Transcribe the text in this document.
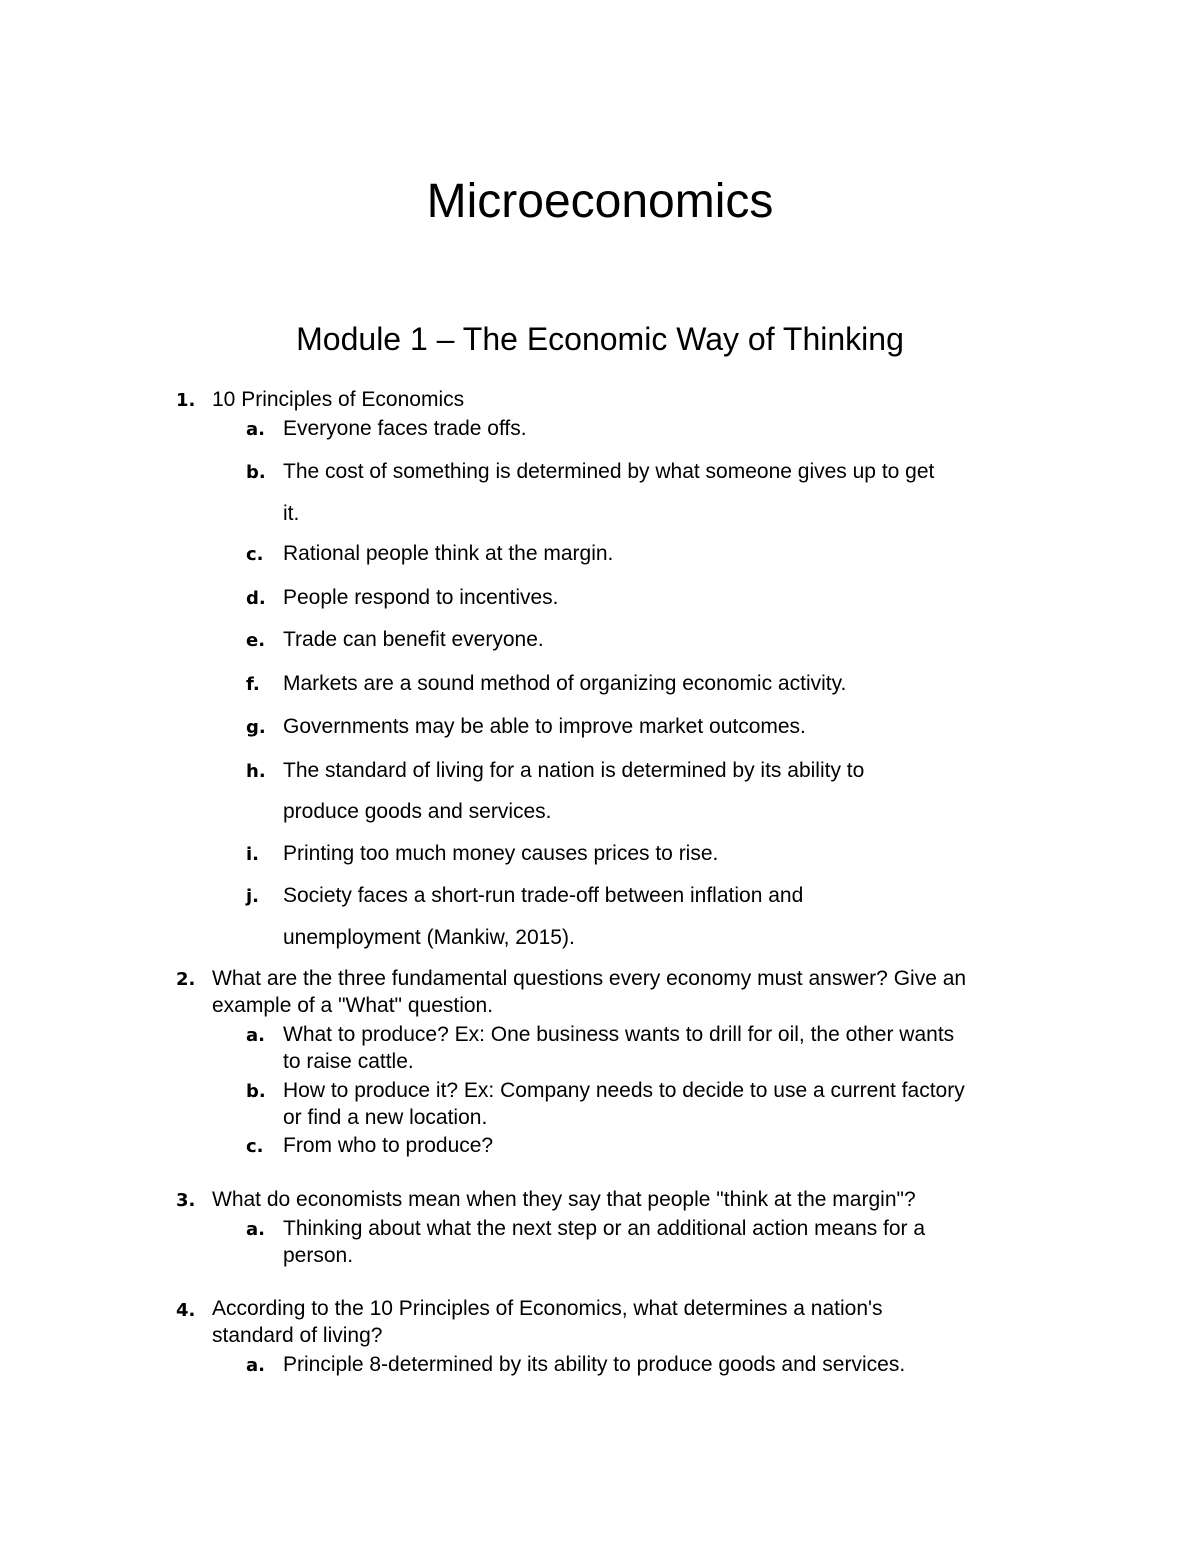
Microeconomics
Module 1 – The Economic Way of Thinking
1. 10 Principles of Economics
a. Everyone faces trade offs.
b. The cost of something is determined by what someone gives up to get
it.
c. Rational people think at the margin.
d. People respond to incentives.
e. Trade can benefit everyone.
f.	Markets are a sound method of organizing economic activity.
g. Governments may be able to improve market outcomes.
h. The standard of living for a nation is determined by its ability to
produce goods and services.
i.	Printing too much money causes prices to rise.
j.	Society faces a short-run trade-off between inflation and
unemployment (Mankiw, 2015).
2. What are the three fundamental questions every economy must answer? Give an
example of a "What" question.
a. What to produce? Ex: One business wants to drill for oil, the other wants
to raise cattle.
b. How to produce it? Ex: Company needs to decide to use a current factory
or find a new location.
c. From who to produce?
3. What do economists mean when they say that people "think at the margin"?
a. Thinking about what the next step or an additional action means for a
person.
4. According to the 10 Principles of Economics, what determines a nation's
standard of living?
a. Principle 8-determined by its ability to produce goods and services.
